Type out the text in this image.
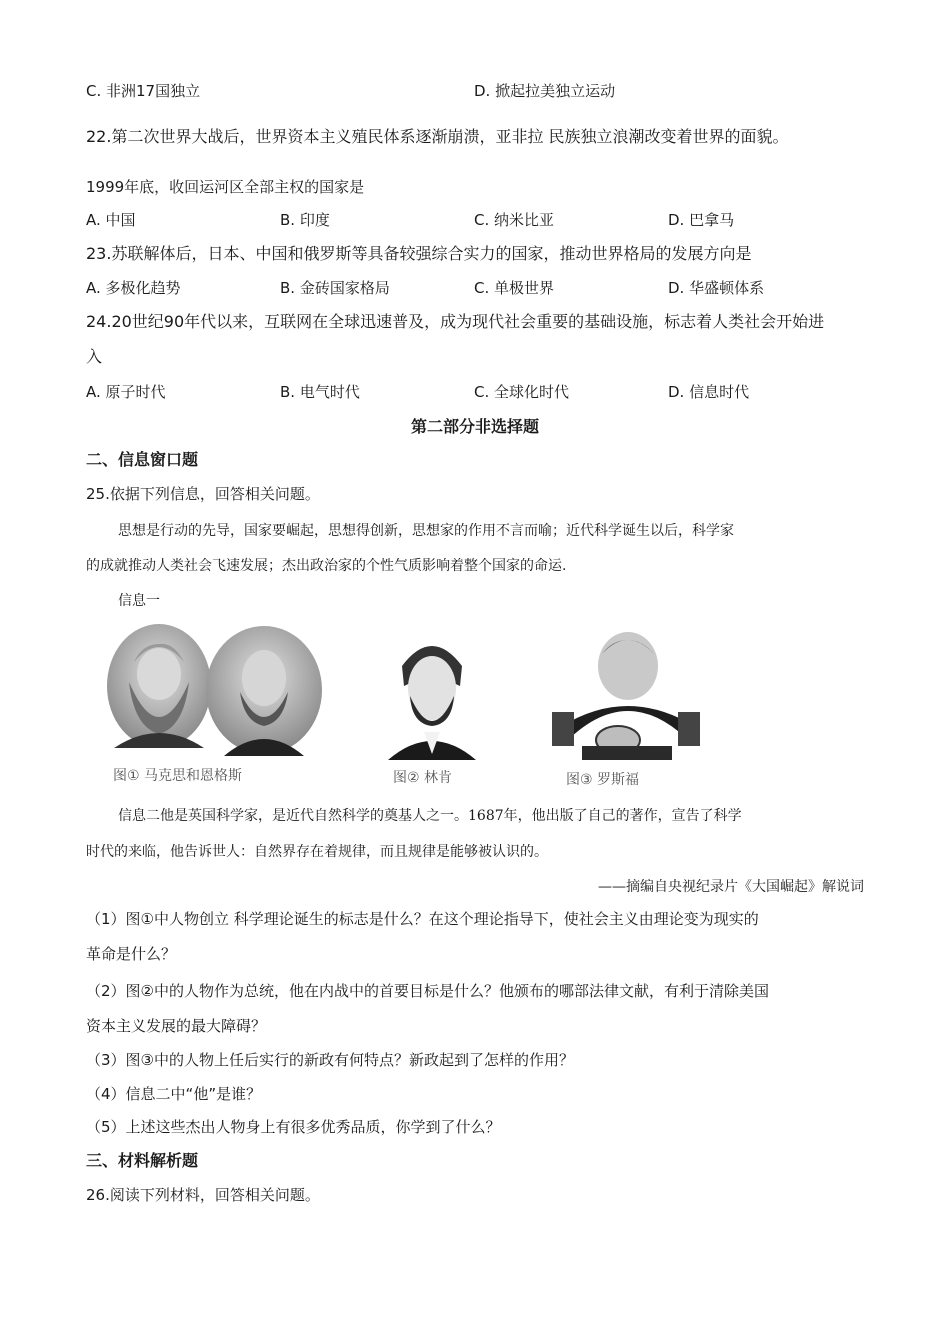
C. 非洲17国独立	D. 掀起拉美独立运动
22.第二次世界大战后，世界资本主义殖民体系逐渐崩溃，亚非拉 民族独立浪潮改变着世界的面貌。
1999年底，收回运河区全部主权的国家是
A. 中国	B. 印度	C. 纳米比亚	D. 巴拿马
23.苏联解体后，日本、中国和俄罗斯等具备较强综合实力的国家，推动世界格局的发展方向是
A. 多极化趋势	B. 金砖国家格局	C. 单极世界	D. 华盛顿体系
24.20世纪90年代以来，互联网在全球迅速普及，成为现代社会重要的基础设施，标志着人类社会开始进
入
A. 原子时代	B. 电气时代	C. 全球化时代	D. 信息时代
第二部分非选择题
二、信息窗口题
25.依据下列信息，回答相关问题。
思想是行动的先导，国家要崛起，思想得创新，思想家的作用不言而喻；近代科学诞生以后，科学家
的成就推动人类社会飞速发展；杰出政治家的个性气质影响着整个国家的命运.
信息一
图① 马克思和恩格斯	图② 林肯	图③ 罗斯福
信息二他是英国科学家，是近代自然科学的奠基人之一。1687年，他出版了自己的著作，宣告了科学
时代的来临，他告诉世人：自然界存在着规律，而且规律是能够被认识的。
——摘编自央视纪录片《大国崛起》解说词
（1）图①中人物创立 科学理论诞生的标志是什么？在这个理论指导下，使社会主义由理论变为现实的
革命是什么？
（2）图②中的人物作为总统，他在内战中的首要目标是什么？他颁布的哪部法律文献，有利于清除美国
资本主义发展的最大障碍？
（3）图③中的人物上任后实行的新政有何特点？新政起到了怎样的作用？
（4）信息二中“他”是谁？
（5）上述这些杰出人物身上有很多优秀品质，你学到了什么？
三、材料解析题
26.阅读下列材料，回答相关问题。
